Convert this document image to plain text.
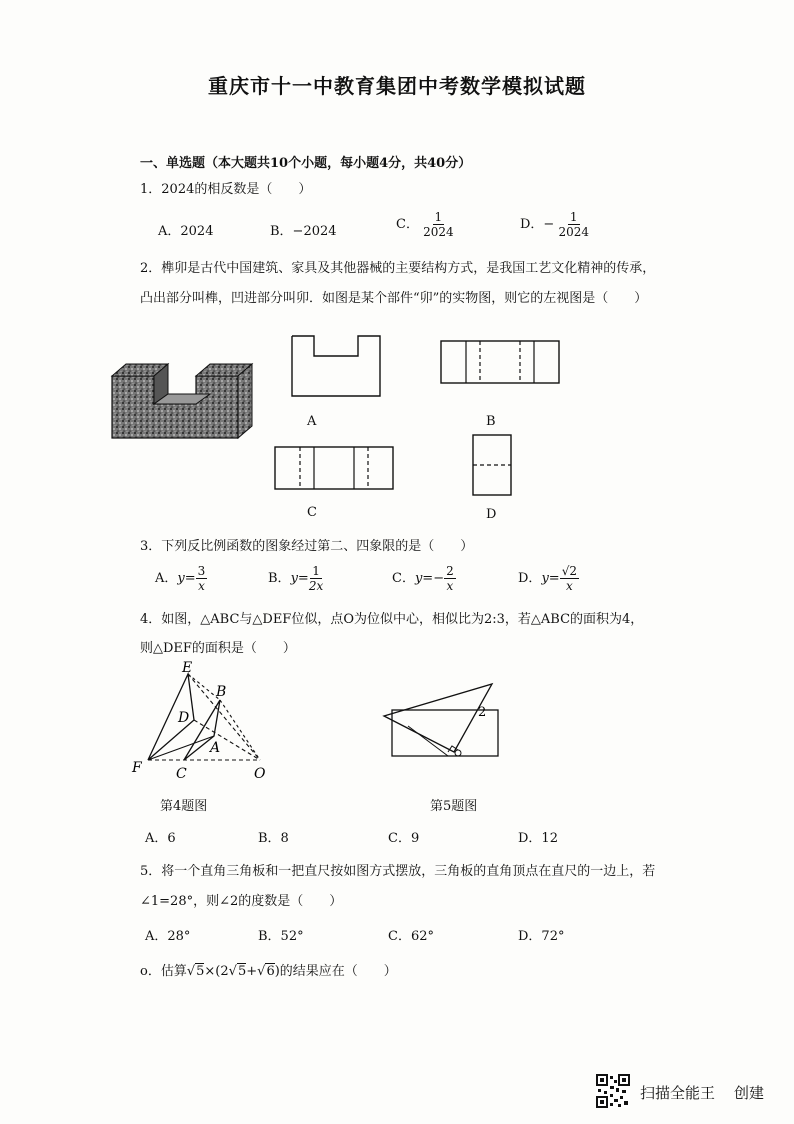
重庆市十一中教育集团中考数学模拟试题
一、单选题（本大题共10个小题，每小题4分，共40分）
1．2024的相反数是（　　）
A．2024	B．−2024	C． $\frac{1}{2024}$	D．− $\frac{1}{2024}$
2．榫卯是古代中国建筑、家具及其他器械的主要结构方式，是我国工艺文化精神的传承，
凸出部分叫榫，凹进部分叫卯．如图是某个部件“卯”的实物图，则它的左视图是（　　）
A	B
C	D
3．下列反比例函数的图象经过第二、四象限的是（　　）
A．$y= \frac{3}{x}$	B．$y= \frac{1}{2x}$	C．$y=- \frac{2}{x}$	D．$y= \frac{√2}{x}$
4．如图，△ABC与△DEF位似，点O为位似中心，相似比为2:3，若△ABC的面积为4，
则△DEF的面积是（　　）
E
B
D
A
F C	O
第4题图
2
第5题图
A．6	B．8	C．9	D．12
5．将一个直角三角板和一把直尺按如图方式摆放，三角板的直角顶点在直尺的一边上，若
∠1=28°，则∠2的度数是（　　）
A．28°	B．52°	C．62°	D．72°
o．估算√5×(2√5+√6)的结果应在（　　）
扫描全能王 创建
